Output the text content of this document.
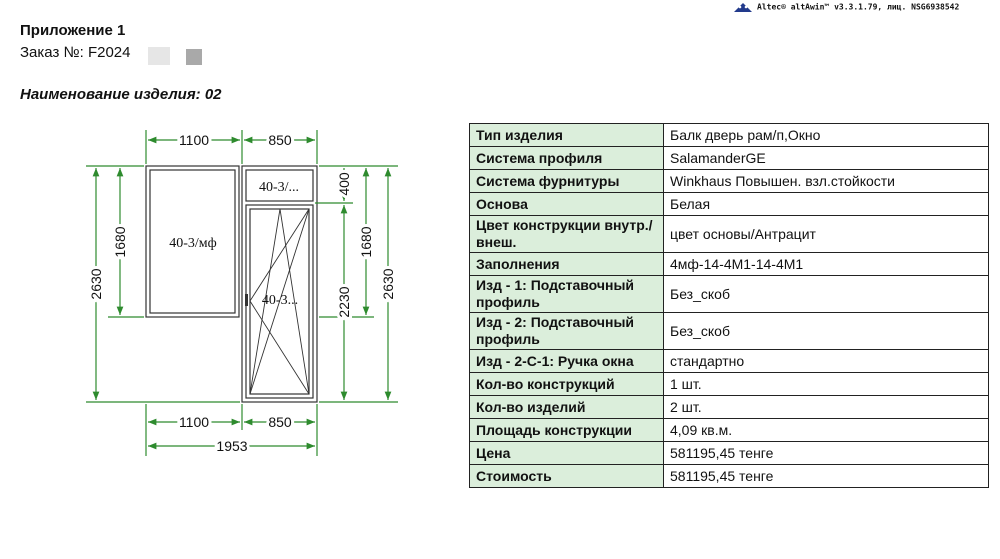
Altec® altAwin™ v3.3.1.79, лиц. NSG6938542
Приложение 1
Заказ №: F2024
Наименование изделия: 02
40-3/мф
40-3/...
40-3...
1100	850
1100	850
1953
2630
1680
400
2230
1680
2630
Тип изделия	Балк дверь рам/п,Окно
Система профиля	SalamanderGE
Система фурнитуры	Winkhaus Повышен. взл.стойкости
Основа	Белая
Цвет конструкции внутр./внеш.	цвет основы/Антрацит
Заполнения	4мф-14-4М1-14-4М1
Изд - 1: Подставочный профиль	Без_скоб
Изд - 2: Подставочный профиль	Без_скоб
Изд - 2-С-1: Ручка окна	стандартно
Кол-во конструкций	1 шт.
Кол-во изделий	2 шт.
Площадь конструкции	4,09 кв.м.
Цена	581195,45 тенге
Стоимость	581195,45 тенге
